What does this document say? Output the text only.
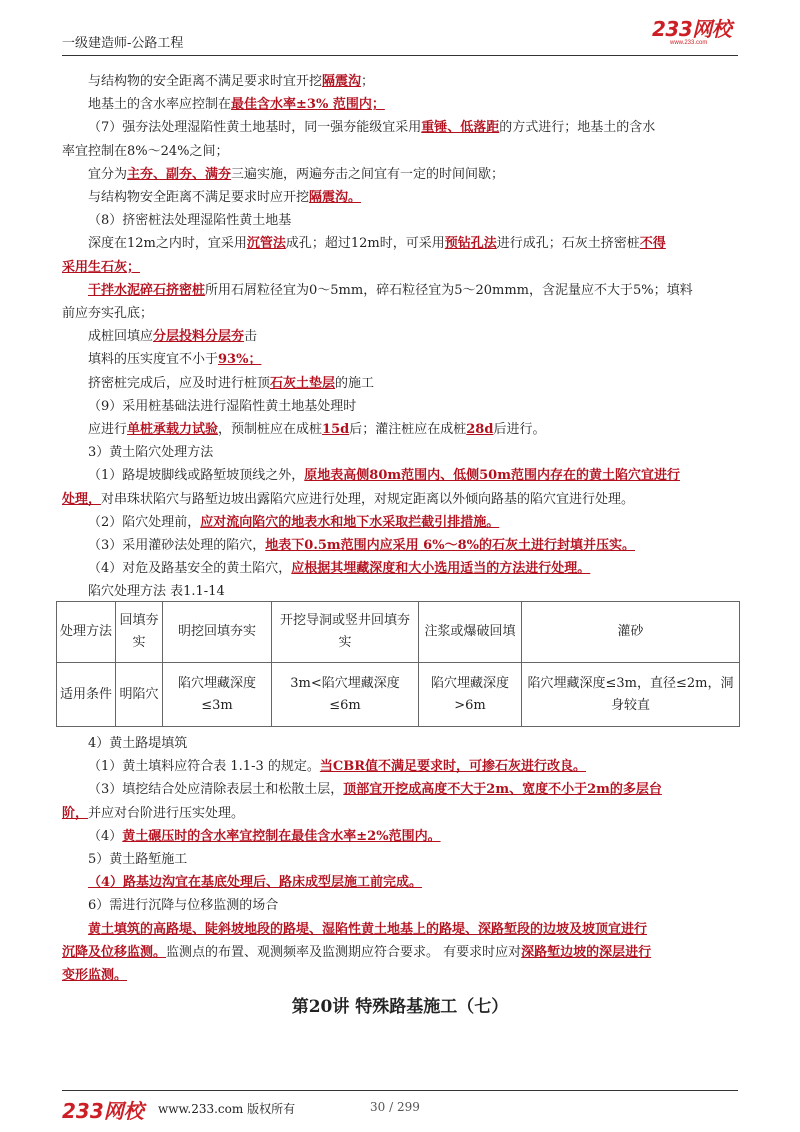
一级建造师-公路工程
233网校
www.233.com
与结构物的安全距离不满足要求时宜开挖隔震沟；
地基土的含水率应控制在最佳含水率±3% 范围内；
（7）强夯法处理湿陷性黄土地基时，同一强夯能级宜采用重锤、低落距的方式进行；地基土的含水
率宜控制在8%～24%之间；
宜分为主夯、副夯、满夯三遍实施，两遍夯击之间宜有一定的时间间歇；
与结构物安全距离不满足要求时应开挖隔震沟。
（8）挤密桩法处理湿陷性黄土地基
深度在12m之内时，宜采用沉管法成孔；超过12m时，可采用预钻孔法进行成孔；石灰土挤密桩不得
采用生石灰；
干拌水泥碎石挤密桩所用石屑粒径宜为0～5mm，碎石粒径宜为5～20mmm，含泥量应不大于5%；填料
前应夯实孔底；
成桩回填应分层投料分层夯击
填料的压实度宜不小于93%；
挤密桩完成后，应及时进行桩顶石灰土垫层的施工
（9）采用桩基础法进行湿陷性黄土地基处理时
应进行单桩承载力试验，预制桩应在成桩15d后；灌注桩应在成桩28d后进行。
3）黄土陷穴处理方法
（1）路堤坡脚线或路堑坡顶线之外，原地表高侧80m范围内、低侧50m范围内存在的黄土陷穴宜进行
处理，对串珠状陷穴与路堑边坡出露陷穴应进行处理，对规定距离以外倾向路基的陷穴宜进行处理。
（2）陷穴处理前，应对流向陷穴的地表水和地下水采取拦截引排措施。
（3）采用灌砂法处理的陷穴，地表下0.5m范围内应采用 6%～8%的石灰土进行封填并压实。
（4）对危及路基安全的黄土陷穴，应根据其埋藏深度和大小选用适当的方法进行处理。
陷穴处理方法 表1.1-14
处理方法	回填夯实	明挖回填夯实	开挖导洞或竖井回填夯实	注浆或爆破回填	灌砂
适用条件	明陷穴	陷穴埋藏深度≤3m	3m<陷穴埋藏深度≤6m	陷穴埋藏深度>6m	陷穴埋藏深度≤3m，直径≤2m，洞身较直
4）黄土路堤填筑
（1）黄土填料应符合表 1.1-3 的规定。当CBR值不满足要求时，可掺石灰进行改良。
（3）填挖结合处应清除表层土和松散土层，顶部宜开挖成高度不大于2m、宽度不小于2m的多层台
阶，并应对台阶进行压实处理。
（4）黄土碾压时的含水率宜控制在最佳含水率±2%范围内。
5）黄土路堑施工
（4）路基边沟宜在基底处理后、路床成型层施工前完成。
6）需进行沉降与位移监测的场合
黄土填筑的高路堤、陡斜坡地段的路堤、湿陷性黄土地基上的路堤、深路堑段的边坡及坡顶宜进行
沉降及位移监测。监测点的布置、观测频率及监测期应符合要求。 有要求时应对深路堑边坡的深层进行
变形监测。
第20讲 特殊路基施工（七）
233网校 www.233.com 版权所有	30 / 299
